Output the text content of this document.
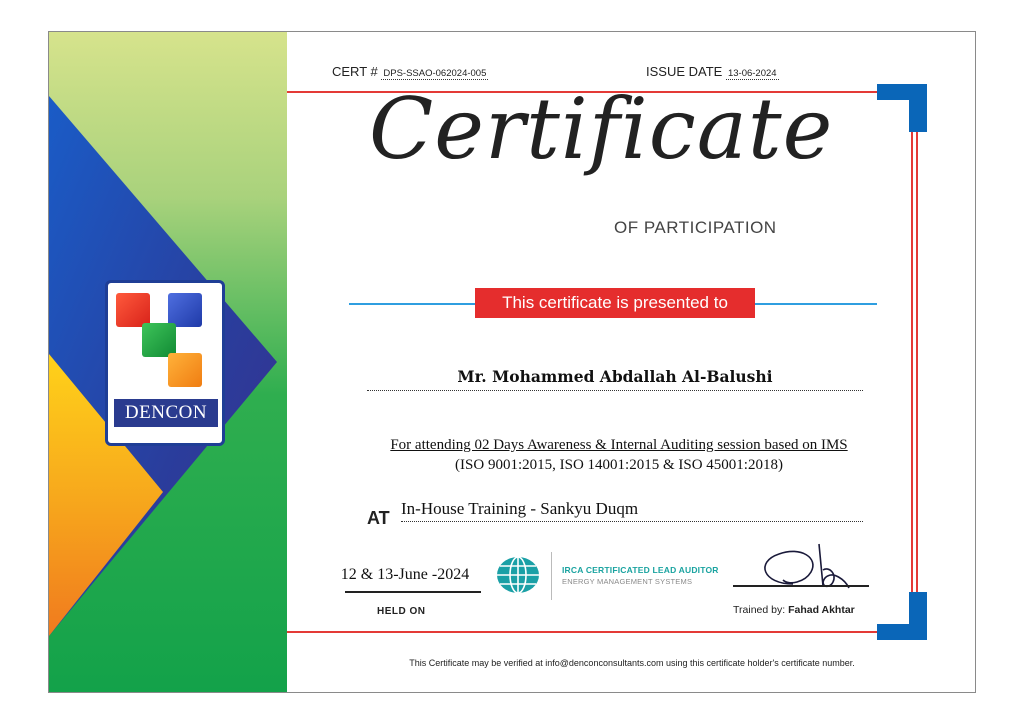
DENCON
CERT # DPS-SSAO-062024-005	ISSUE DATE 13-06-2024
Certificate
OF PARTICIPATION
This certificate is presented to
Mr. Mohammed Abdallah Al-Balushi
For attending 02 Days Awareness & Internal Auditing session based on IMS
(ISO 9001:2015, ISO 14001:2015 & ISO 45001:2018)
AT In-House Training - Sankyu Duqm
12 & 13-June -2024
HELD ON
IRCA CERTIFICATED LEAD AUDITOR
ENERGY MANAGEMENT SYSTEMS
Trained by: Fahad Akhtar
This Certificate may be verified at info@denconconsultants.com using this certificate holder's certificate number.
